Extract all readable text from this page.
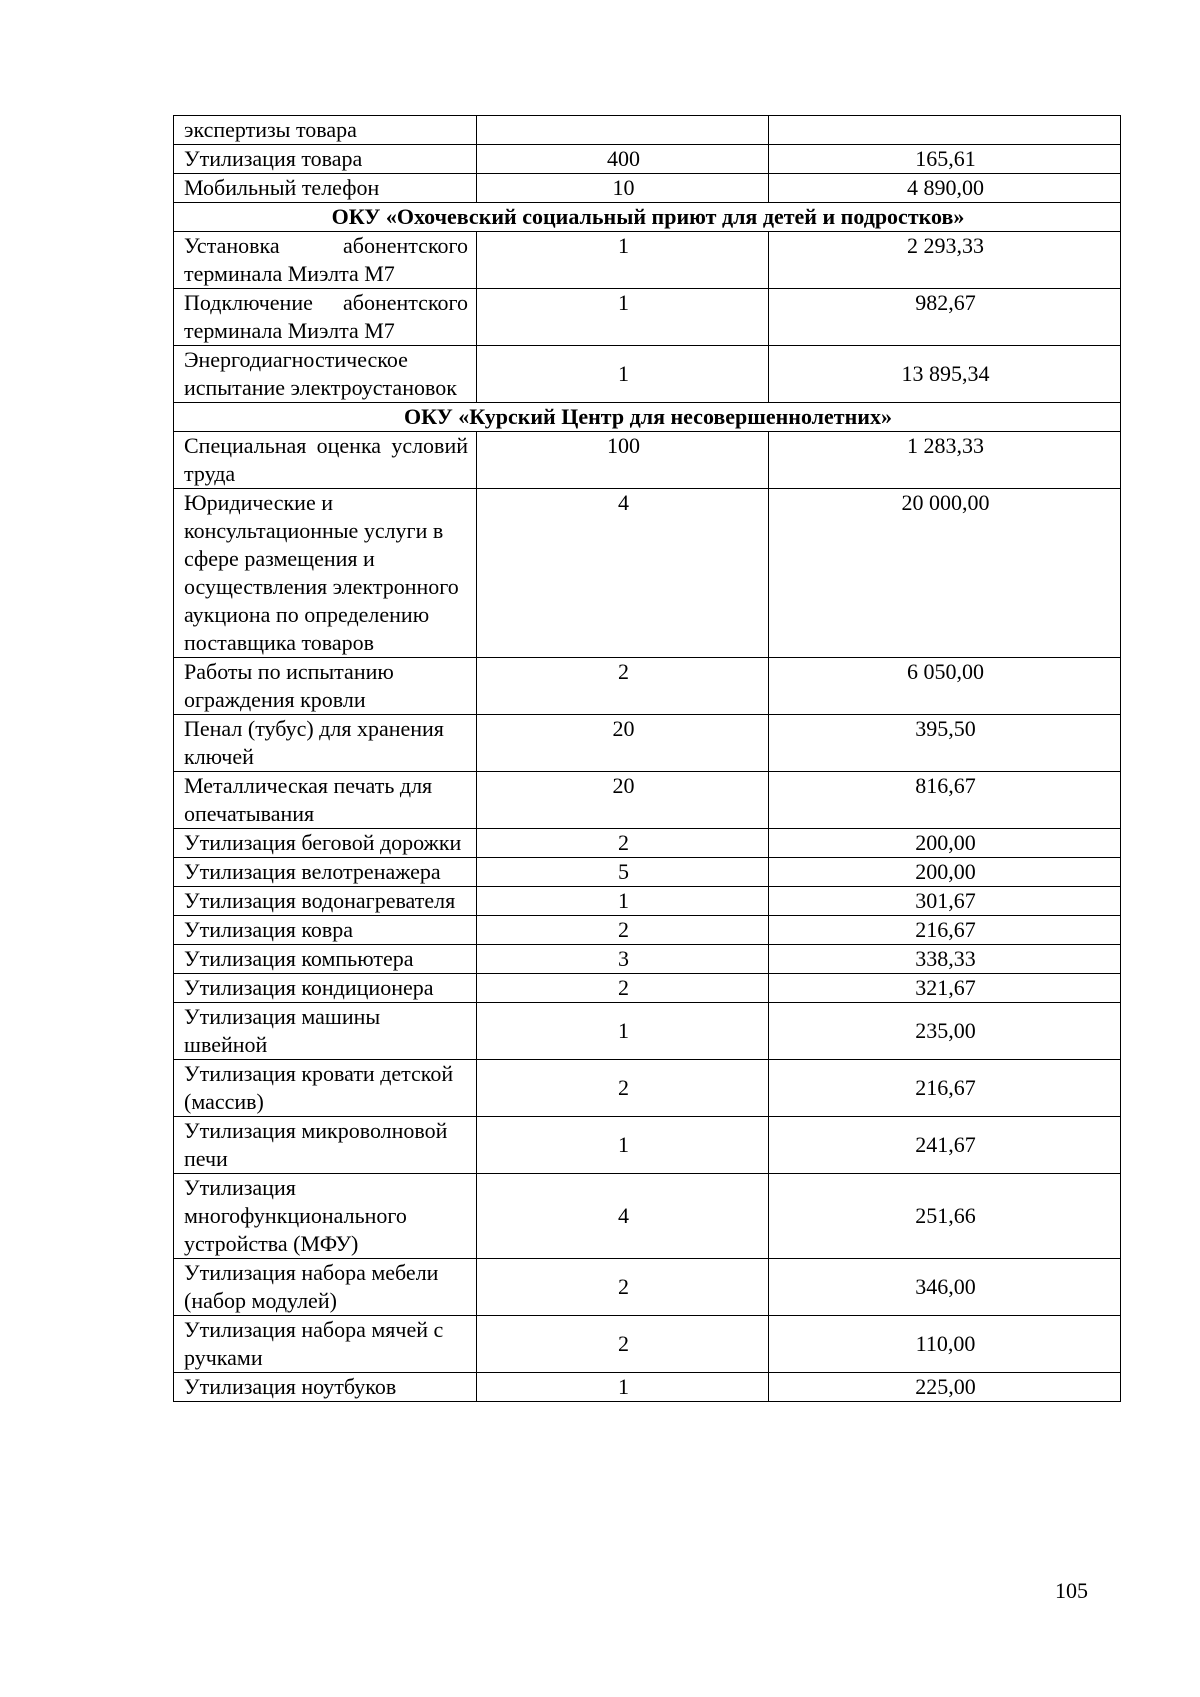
экспертизы товара		
Утилизация товара	400	165,61
Мобильный телефон	10	4 890,00
ОКУ «Охочевский социальный приют для детей и подростков»		
Установка абонентского терминала Миэлта М7	1	2 293,33
Подключение абонентского терминала Миэлта М7	1	982,67
Энергодиагностическое испытание электроустановок	1	13 895,34
ОКУ «Курский Центр для несовершеннолетних»		
Специальная оценка условий труда	100	1 283,33
Юридические и консультационные услуги в сфере размещения и осуществления электронного аукциона по определению поставщика товаров	4	20 000,00
Работы по испытанию ограждения кровли	2	6 050,00
Пенал (тубус) для хранения ключей	20	395,50
Металлическая печать для опечатывания	20	816,67
Утилизация беговой дорожки	2	200,00
Утилизация велотренажера	5	200,00
Утилизация водонагревателя	1	301,67
Утилизация ковра	2	216,67
Утилизация компьютера	3	338,33
Утилизация кондиционера	2	321,67
Утилизация машины швейной	1	235,00
Утилизация кровати детской (массив)	2	216,67
Утилизация микроволновой печи	1	241,67
Утилизация многофункционального устройства (МФУ)	4	251,66
Утилизация набора мебели (набор модулей)	2	346,00
Утилизация набора мячей с ручками	2	110,00
Утилизация ноутбуков	1	225,00
105
